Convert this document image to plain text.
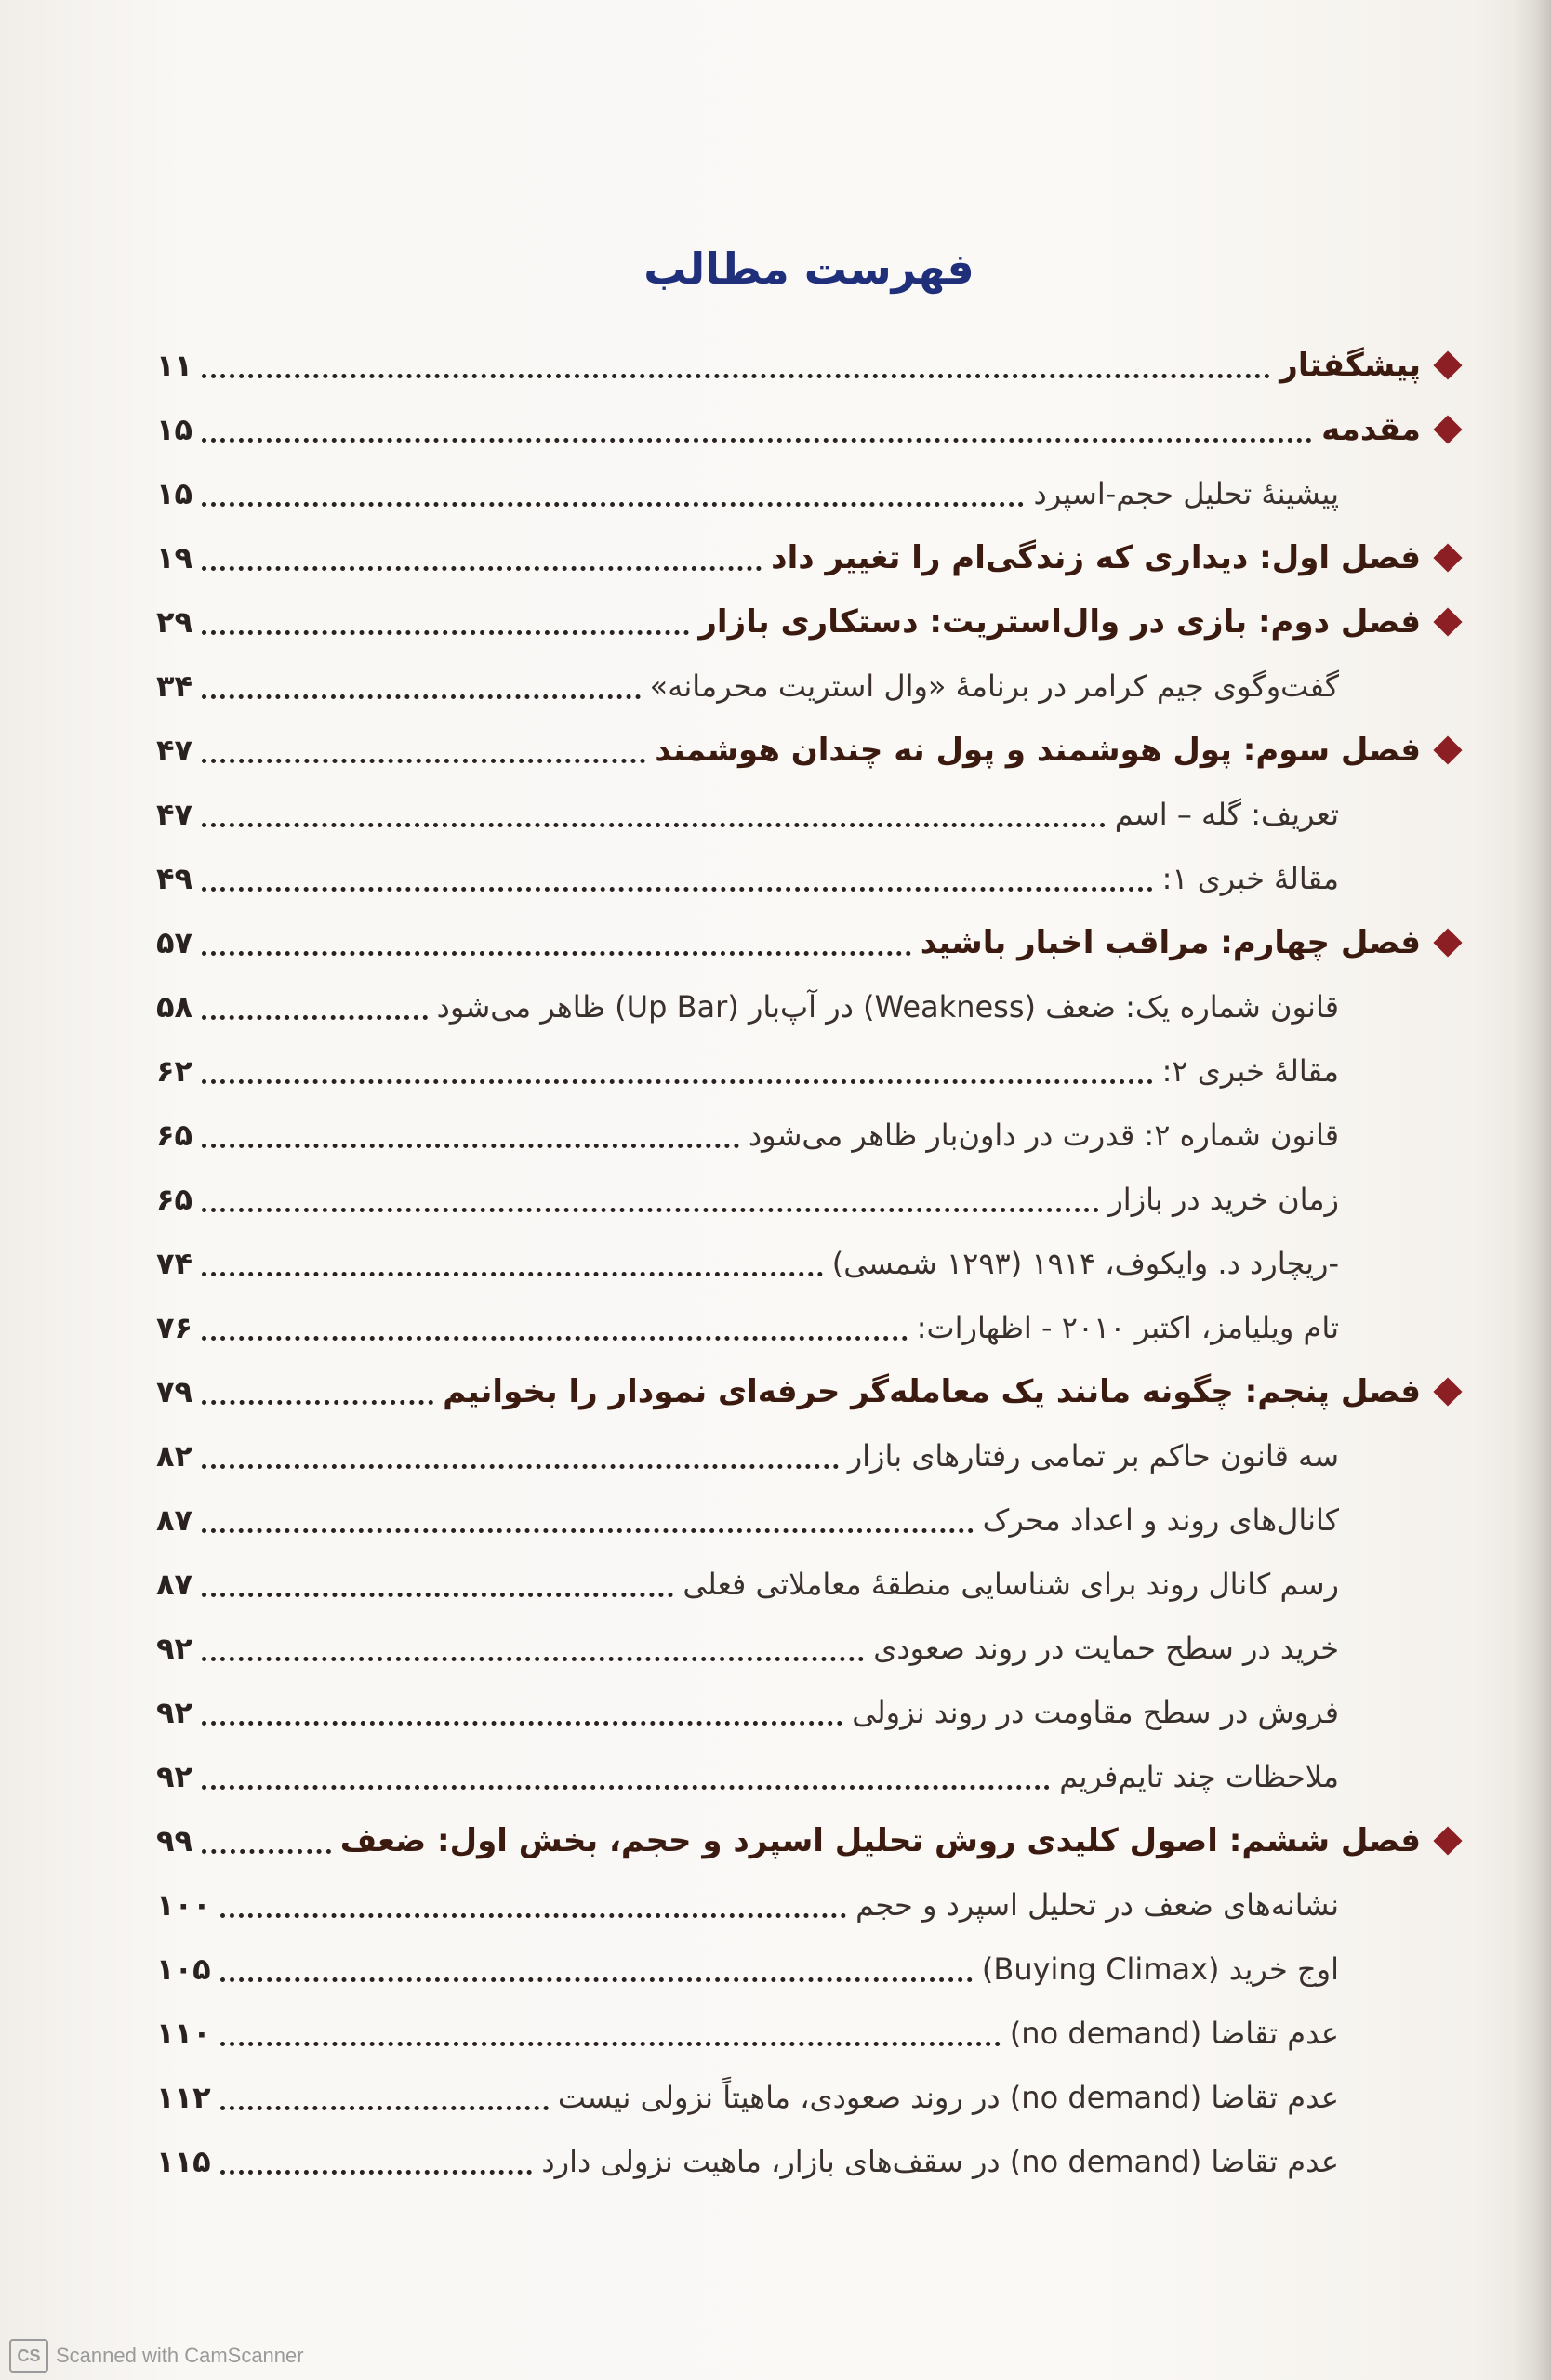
فهرست مطالب
پیشگفتار
۱۱
مقدمه
۱۵
پیشینهٔ تحلیل حجم-اسپرد
۱۵
فصل اول: دیداری که زندگی‌ام را تغییر داد
۱۹
فصل دوم: بازی در وال‌استریت: دستکاری بازار
۲۹
گفت‌وگوی جیم کرامر در برنامهٔ «وال استریت محرمانه»
۳۴
فصل سوم: پول هوشمند و پول نه چندان هوشمند
۴۷
تعریف: گله – اسم
۴۷
مقالهٔ خبری ۱:
۴۹
فصل چهارم: مراقب اخبار باشید
۵۷
قانون شماره یک: ضعف (Weakness) در آپ‌بار (Up Bar) ظاهر می‌شود
۵۸
مقالهٔ خبری ۲:
۶۲
قانون شماره ۲: قدرت در داون‌بار ظاهر می‌شود
۶۵
زمان خرید در بازار
۶۵
-ریچارد د. وایکوف، ۱۹۱۴ (۱۲۹۳ شمسی)
۷۴
تام ویلیامز، اکتبر ۲۰۱۰ - اظهارات:
۷۶
فصل پنجم: چگونه مانند یک معامله‌گر حرفه‌ای نمودار را بخوانیم
۷۹
سه قانون حاکم بر تمامی رفتارهای بازار
۸۲
کانال‌های روند و اعداد محرک
۸۷
رسم کانال روند برای شناسایی منطقهٔ معاملاتی فعلی
۸۷
خرید در سطح حمایت در روند صعودی
۹۲
فروش در سطح مقاومت در روند نزولی
۹۲
ملاحظات چند تایم‌فریم
۹۲
فصل ششم: اصول کلیدی روش تحلیل اسپرد و حجم، بخش اول: ضعف
۹۹
نشانه‌های ضعف در تحلیل اسپرد و حجم
۱۰۰
اوج خرید (Buying Climax)
۱۰۵
عدم تقاضا (no demand)
۱۱۰
عدم تقاضا (no demand) در روند صعودی، ماهیتاً نزولی نیست
۱۱۲
عدم تقاضا (no demand) در سقف‌های بازار، ماهیت نزولی دارد
۱۱۵
CS Scanned with CamScanner
